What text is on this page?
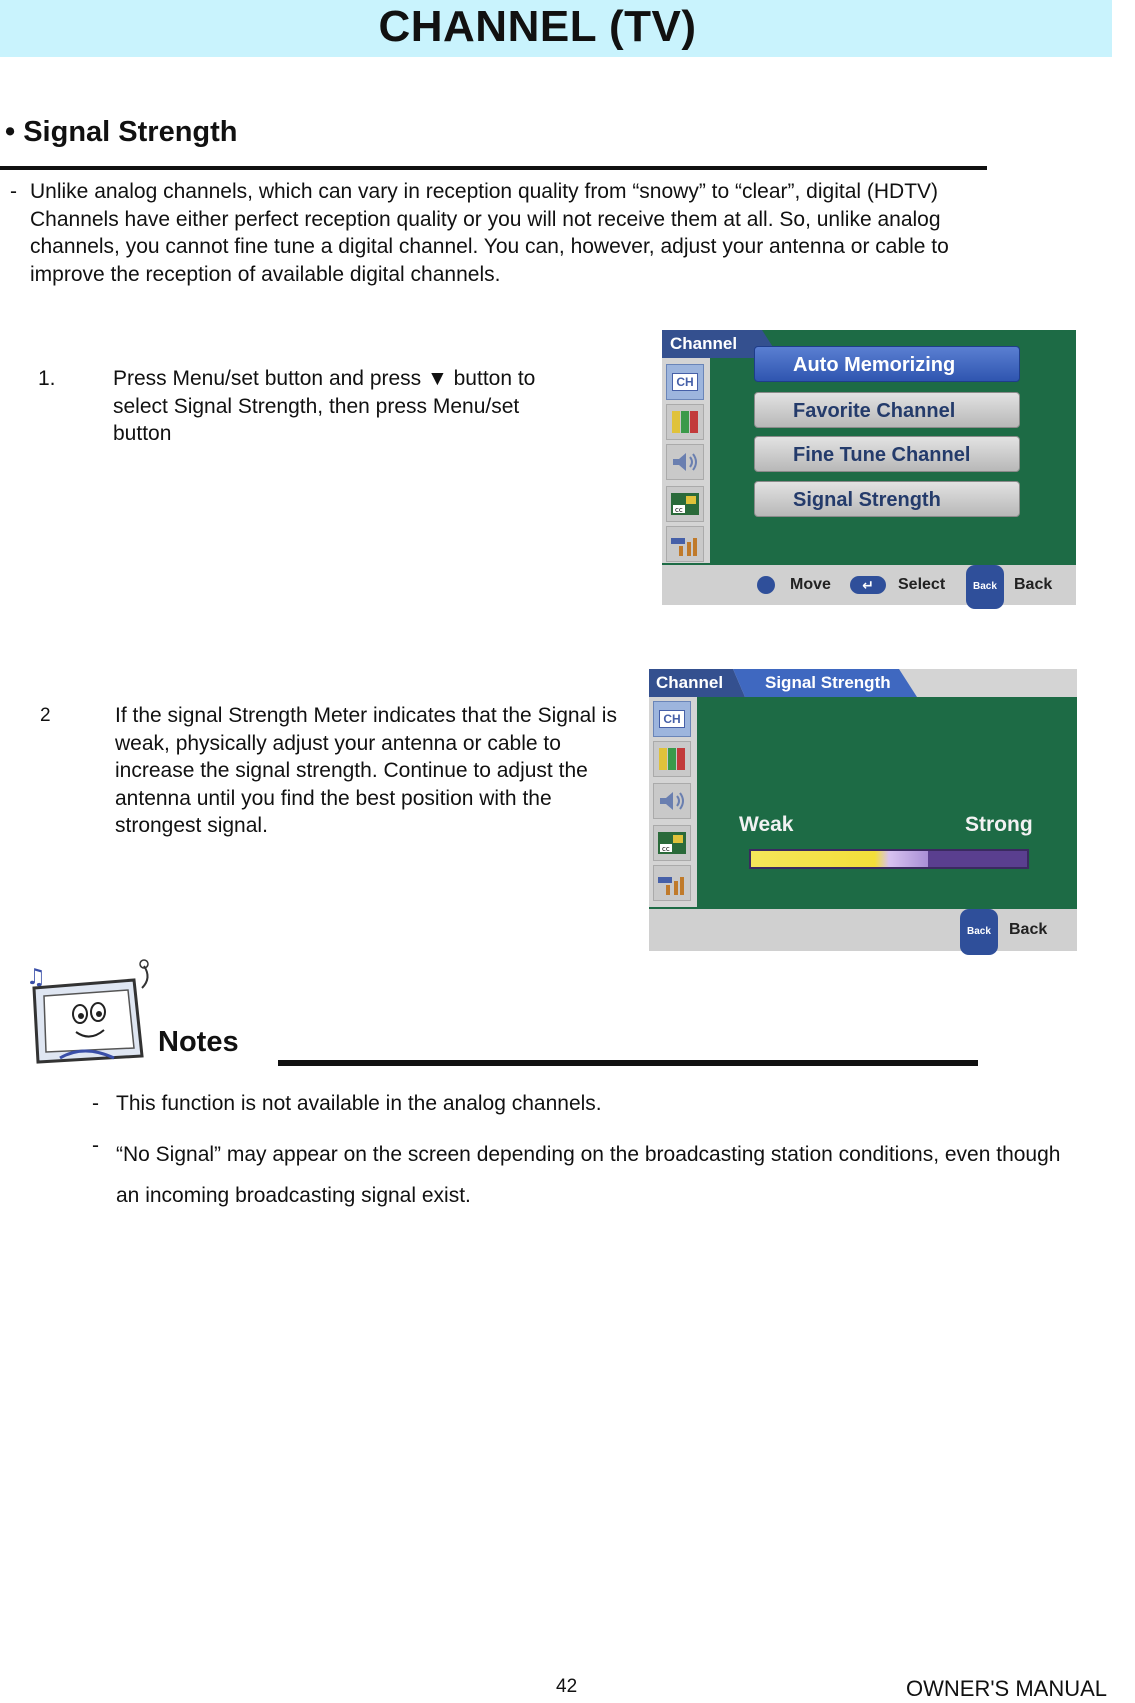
CHANNEL (TV)
• Signal Strength
- Unlike analog channels, which can vary in reception quality from “snowy” to “clear”, digital (HDTV) Channels have either perfect reception quality or you will not receive them at all. So, unlike analog channels, you cannot fine tune a digital channel. You can, however, adjust your antenna or cable to improve the reception of available digital channels.
1.	Press Menu/set button and press ▼ button to select Signal Strength, then press Menu/set button
Channel
CH
cc
Auto Memorizing
Favorite Channel
Fine Tune Channel
Signal Strength
Move	↵	Select	Back	Back
2	If the signal Strength Meter indicates that the Signal is weak, physically adjust your antenna or cable to increase the signal strength. Continue to adjust the antenna until you find the best position with the strongest signal.
Channel Signal Strength
CH
cc
Weak	Strong
Back	Back
♫
Notes
- This function is not available in the analog channels.
- “No Signal” may appear on the screen depending on the broadcasting station conditions, even though an incoming broadcasting signal exist.
42	OWNER'S MANUAL
